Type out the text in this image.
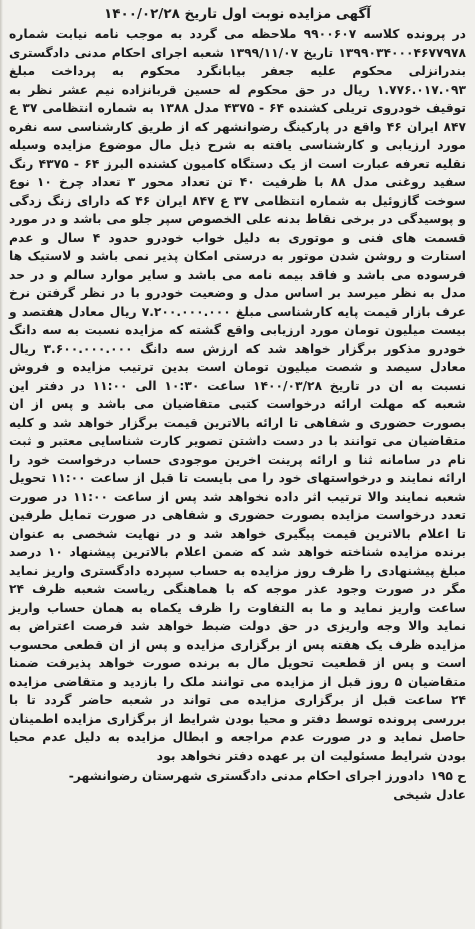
آگهی مزایده نوبت اول تاریخ ۱۴۰۰/۰۲/۲۸

در پرونده کلاسه ۹۹۰۰۶۰۷ ملاحظه می گردد به موجب نامه نیابت شماره ۱۳۹۹۰۳۴۰۰۰۴۶۷۷۹۷۸ تاریخ ۱۳۹۹/۱۱/۰۷ شعبه اجرای احکام مدنی دادگستری بندرانزلی محکوم علیه جعفر بیابانگرد محکوم به پرداخت مبلغ ۱.۷۷۶.۰۱۷.۰۹۳ ریال در حق محکوم له حسین قربانزاده نیم عشر نظر به توقیف خودروی تریلی کشنده ۶۴ - ۴۳۷۵ مدل ۱۳۸۸ به شماره انتظامی ۳۷ ع ۸۴۷ ایران ۴۶ واقع در پارکینگ رضوانشهر که از طریق کارشناسی سه نفره مورد ارزیابی و کارشناسی یافته به شرح ذیل مال موضوع مزایده وسیله نقلیه تعرفه عبارت است از یک دستگاه کامیون کشنده البرز ۶۴ - ۴۳۷۵ رنگ سفید روغنی مدل ۸۸ با ظرفیت ۴۰ تن تعداد محور ۳ تعداد چرخ ۱۰ نوع سوخت گازوئیل به شماره انتظامی ۳۷ ع ۸۴۷ ایران ۴۶ که دارای زنگ زدگی و پوسیدگی در برخی نقاط بدنه علی الخصوص سپر جلو می باشد و در مورد قسمت های فنی و موتوری به دلیل خواب خودرو حدود ۴ سال و عدم استارت و روشن شدن موتور به درستی امکان پذیر نمی باشد و لاستیک ها فرسوده می باشد و فاقد بیمه نامه می باشد و سایر موارد سالم و در حد مدل به نظر میرسد بر اساس مدل و وضعیت خودرو با در نظر گرفتن نرخ عرف بازار قیمت پایه کارشناسی مبلغ ۷.۲۰۰.۰۰۰.۰۰۰ ریال معادل هفتصد و بیست میلیون تومان مورد ارزیابی واقع گشته که مزایده نسبت به سه دانگ خودرو مذکور برگزار خواهد شد که ارزش سه دانگ ۳.۶۰۰.۰۰۰.۰۰۰ ریال معادل سیصد و شصت میلیون تومان است بدین ترتیب مزایده و فروش نسبت به ان در تاریخ ۱۴۰۰/۰۳/۲۸ ساعت ۱۰:۳۰ الی ۱۱:۰۰ در دفتر این شعبه که مهلت ارائه درخواست کتبی متقاضیان می باشد و پس از ان بصورت حضوری و شفاهی تا ارائه بالاترین قیمت برگزار خواهد شد و کلیه متقاضیان می توانند با در دست داشتن تصویر کارت شناسایی معتبر و ثبت نام در سامانه ثنا و ارائه پرینت اخرین موجودی حساب درخواست خود را ارائه نمایند و درخواستهای خود را می بایست تا قبل از ساعت ۱۱:۰۰ تحویل شعبه نمایند والا ترتیب اثر داده نخواهد شد پس از ساعت ۱۱:۰۰ در صورت تعدد درخواست مزایده بصورت حضوری و شفاهی در صورت تمایل طرفین تا اعلام بالاترین قیمت پیگیری خواهد شد و در نهایت شخصی به عنوان برنده مزایده شناخته خواهد شد که ضمن اعلام بالاترین پیشنهاد ۱۰ درصد مبلغ پیشنهادی را ظرف روز مزایده به حساب سپرده دادگستری واریز نماید مگر در صورت وجود عذر موجه که با هماهنگی ریاست شعبه ظرف ۲۴ ساعت واریز نماید و ما به التفاوت را ظرف یکماه به همان حساب واریز نماید والا وجه واریزی در حق دولت ضبط خواهد شد فرصت اعتراض به مزایده ظرف یک هفته پس از برگزاری مزایده و پس از ان قطعی محسوب است و پس از قطعیت تحویل مال به برنده صورت خواهد پذیرفت ضمنا متقاضیان ۵ روز قبل از مزایده می توانند ملک را بازدید و متقاضی مزایده ۲۴ ساعت قبل از برگزاری مزایده می تواند در شعبه حاضر گردد تا با بررسی پرونده توسط دفتر و محیا بودن شرایط از برگزاری مزایده اطمینان حاصل نماید و در صورت عدم مراجعه و ابطال مزایده به دلیل عدم محیا بودن شرایط مسئولیت ان بر عهده دفتر نخواهد بود

ح ۱۹۵
دادورز اجرای احکام مدنی دادگستری شهرستان رضوانشهر-
عادل شیخی
